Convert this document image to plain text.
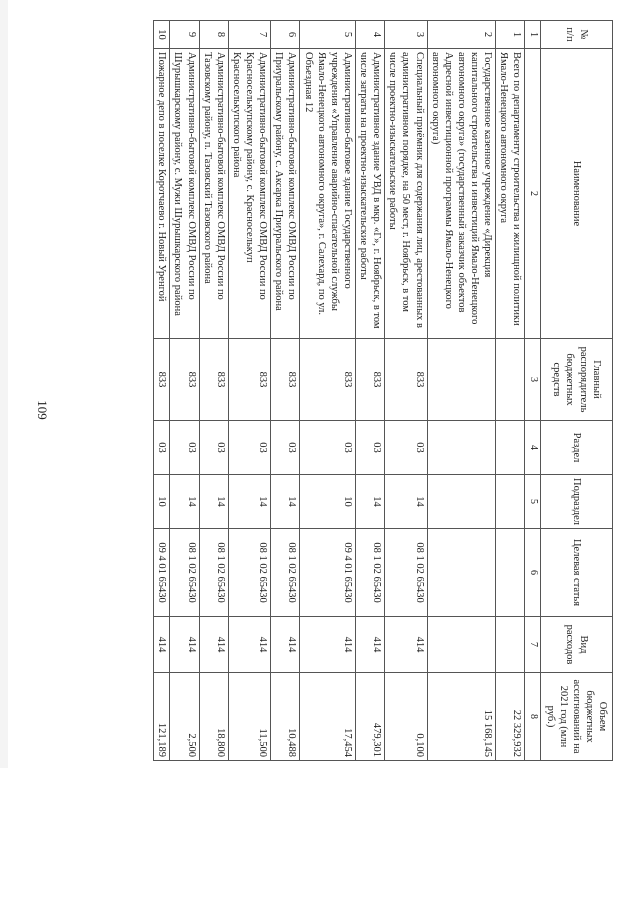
109
№ п/п	Наименование	Главный распорядитель бюджетных средств	Раздел	Подраздел	Целевая статья	Вид расходов	Объем бюджетных ассигнований на 2021 год (млн руб.)
1	2	3	4	5	6	7	8
1	Всего по департаменту строительства и жилищной политики Ямало-Ненецкого автономного округа						22 329,932
2	Государственное казенное учреждение «Дирекция капитального строительства и инвестиций Ямало-Ненецкого автономного округа» (государственный заказчик объектов Адресной инвестиционной программы Ямало-Ненецкого автономного округа)						15 168,145
3	Специальный приёмник для содержания лиц, арестованных в административном порядке, на 50 мест, г. Ноябрьск, в том числе проектно-изыскательские работы	833	03	14	08 1 02 65430	414	0,100
4	Административное здание УВД в мкр. «Г», г. Ноябрьск, в том числе затраты на проектно-изыскательские работы	833	03	14	08 1 02 65430	414	479,301
5	Административно-бытовое здание Государственного учреждения «Управление аварийно-спасательной службы Ямало-Ненецкого автономного округа», г. Салехард, по ул. Объездная 12	833	03	10	09 4 01 65430	414	17,454
6	Административно-бытовой комплекс ОМВД России по Приуральскому району, с. Аксарка Приуральского района	833	03	14	08 1 02 65430	414	10,488
7	Административно-бытовой комплекс ОМВД России по Красноселькупскому району, с. Красноселькуп Красноселькупского района	833	03	14	08 1 02 65430	414	11,500
8	Административно-бытовой комплекс ОМВД России по Тазовскому району, п. Тазовский Тазовского района	833	03	14	08 1 02 65430	414	18,800
9	Административно-бытовой комплекс ОМВД России по Шурышкарскому району, с. Мужи Шурышкарского района	833	03	14	08 1 02 65430	414	2,500
10	Пожарное депо в поселке Коротчаево г. Новый Уренгой	833	03	10	09 4 01 65430	414	121,189
